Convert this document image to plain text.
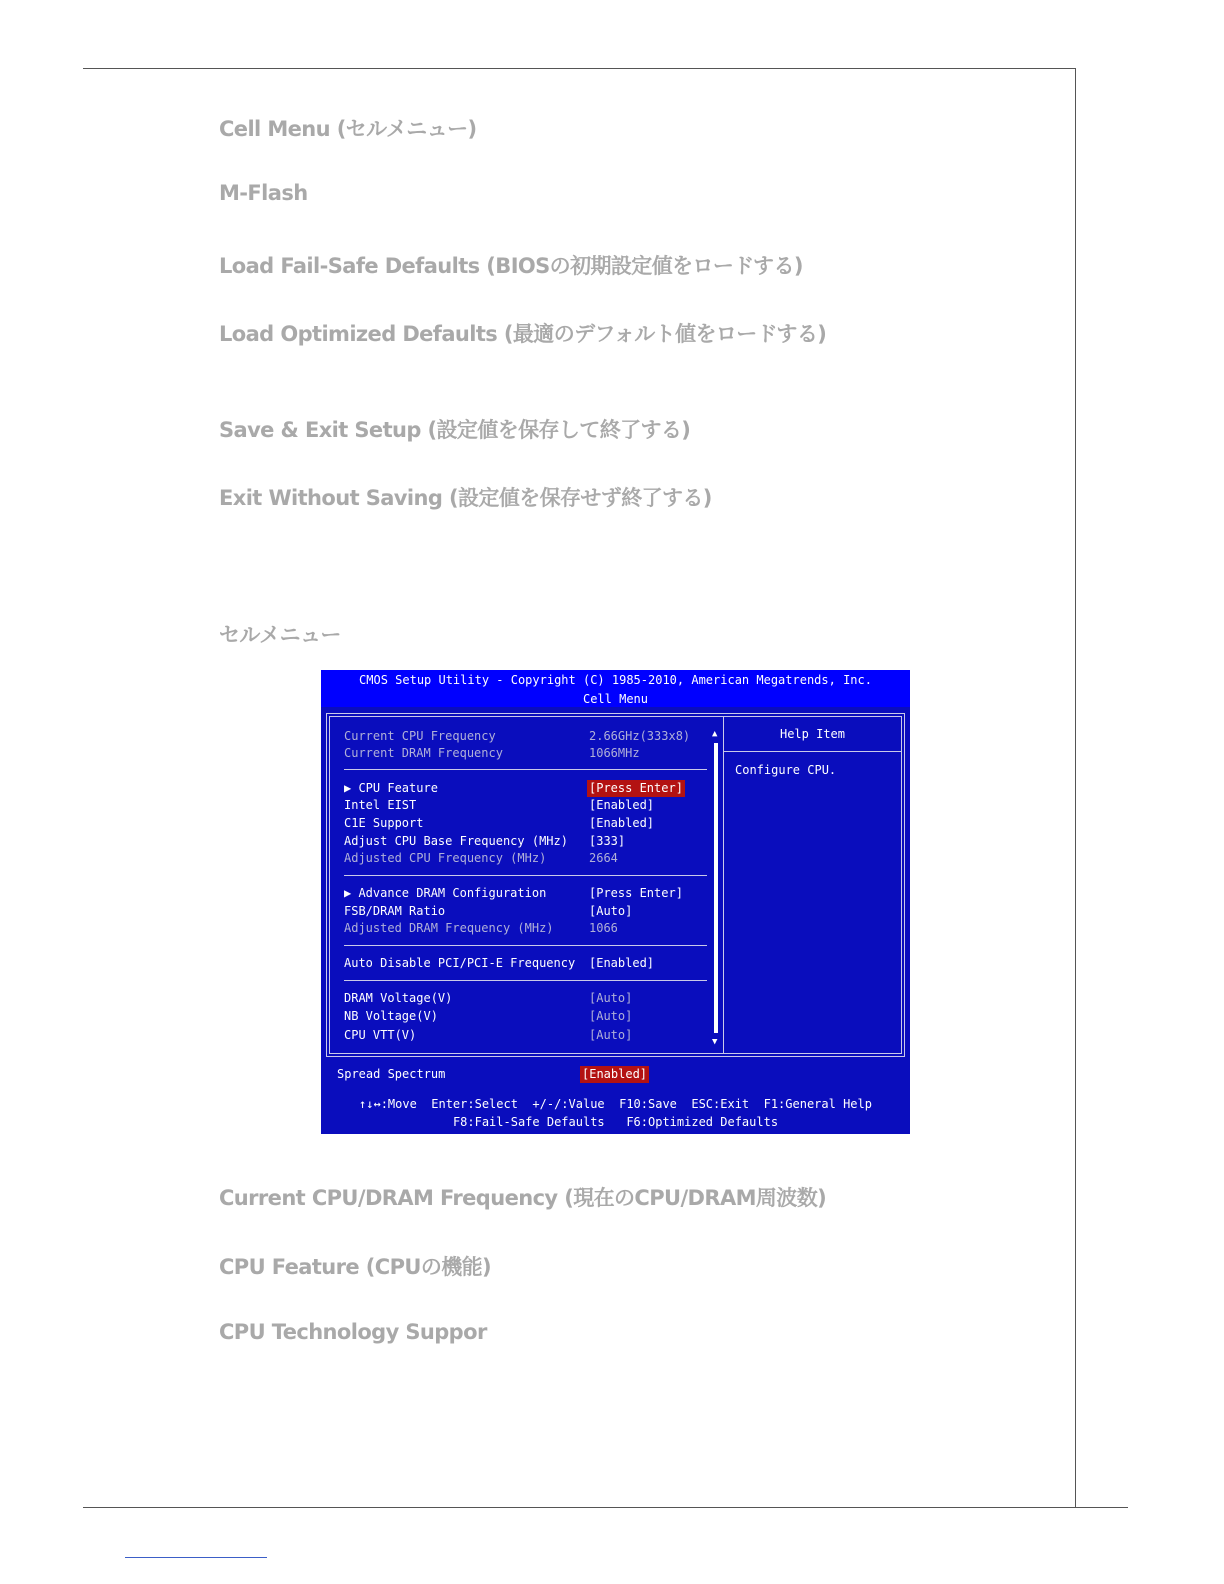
Cell Menu (セルメニュー)
M-Flash
Load Fail-Safe Defaults (BIOSの初期設定値をロードする)
Load Optimized Defaults (最適のデフォルト値をロードする)
Save & Exit Setup (設定値を保存して終了する)
Exit Without Saving (設定値を保存せず終了する)
セルメニュー
CMOS Setup Utility - Copyright (C) 1985-2010, American Megatrends, Inc.
Cell Menu
Current CPU Frequency	2.66GHz(333x8)
Current DRAM Frequency	1066MHz
▶ CPU Feature	[Press Enter]
Intel EIST	[Enabled]
C1E Support	[Enabled]
Adjust CPU Base Frequency (MHz) [333]
Adjusted CPU Frequency (MHz)	2664
▶ Advance DRAM Configuration	[Press Enter]
FSB/DRAM Ratio	[Auto]
Adjusted DRAM Frequency (MHz)	1066
Auto Disable PCI/PCI-E Frequency [Enabled]
DRAM Voltage(V)	[Auto]
NB Voltage(V)	[Auto]
CPU VTT(V)	[Auto]
▲
▼
Help Item
Configure CPU.
Spread Spectrum	[Enabled]
↑↓↔:Move  Enter:Select  +/-/:Value  F10:Save  ESC:Exit  F1:General Help
F8:Fail-Safe Defaults   F6:Optimized Defaults
Current CPU/DRAM Frequency (現在のCPU/DRAM周波数)
CPU Feature (CPUの機能)
CPU Technology Suppor
